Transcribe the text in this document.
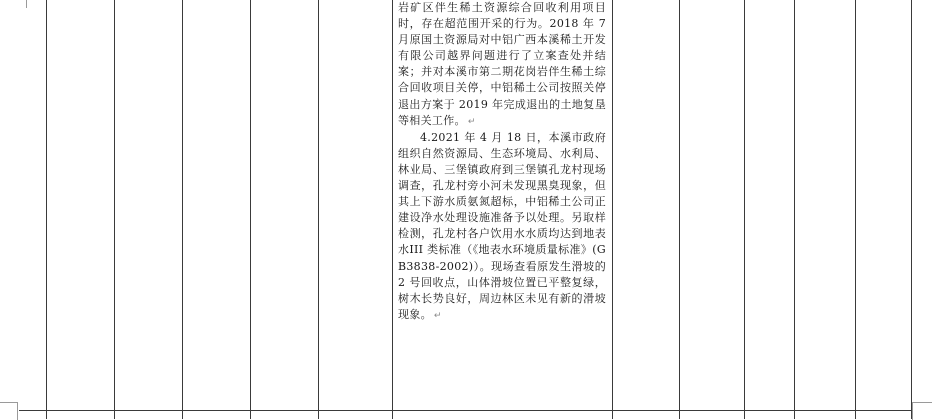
岩矿区伴生稀土资源综合回收利用项目时，存在超范围开采的行为。2018 年 7 月原国土资源局对中铝广西本溪稀土开发有限公司越界问题进行了立案查处并结案；并对本溪市第二期花岗岩伴生稀土综合回收项目关停，中铝稀土公司按照关停退出方案于 2019 年完成退出的土地复垦等相关工作。 ↵

4.2021 年 4 月 18 日，本溪市政府组织自然资源局、生态环境局、水利局、林业局、三堡镇政府到三堡镇孔龙村现场调查，孔龙村旁小河未发现黑臭现象，但其上下游水质氨氮超标，中铝稀土公司正建设净水处理设施准备予以处理。另取样检测，孔龙村各户饮用水水质均达到地表水III 类标准（《地表水环境质量标准》(GB3838-2002)）。现场查看原发生滑坡的 2 号回收点，山体滑坡位置已平整复绿，树木长势良好，周边林区未见有新的滑坡现象。 ↵
